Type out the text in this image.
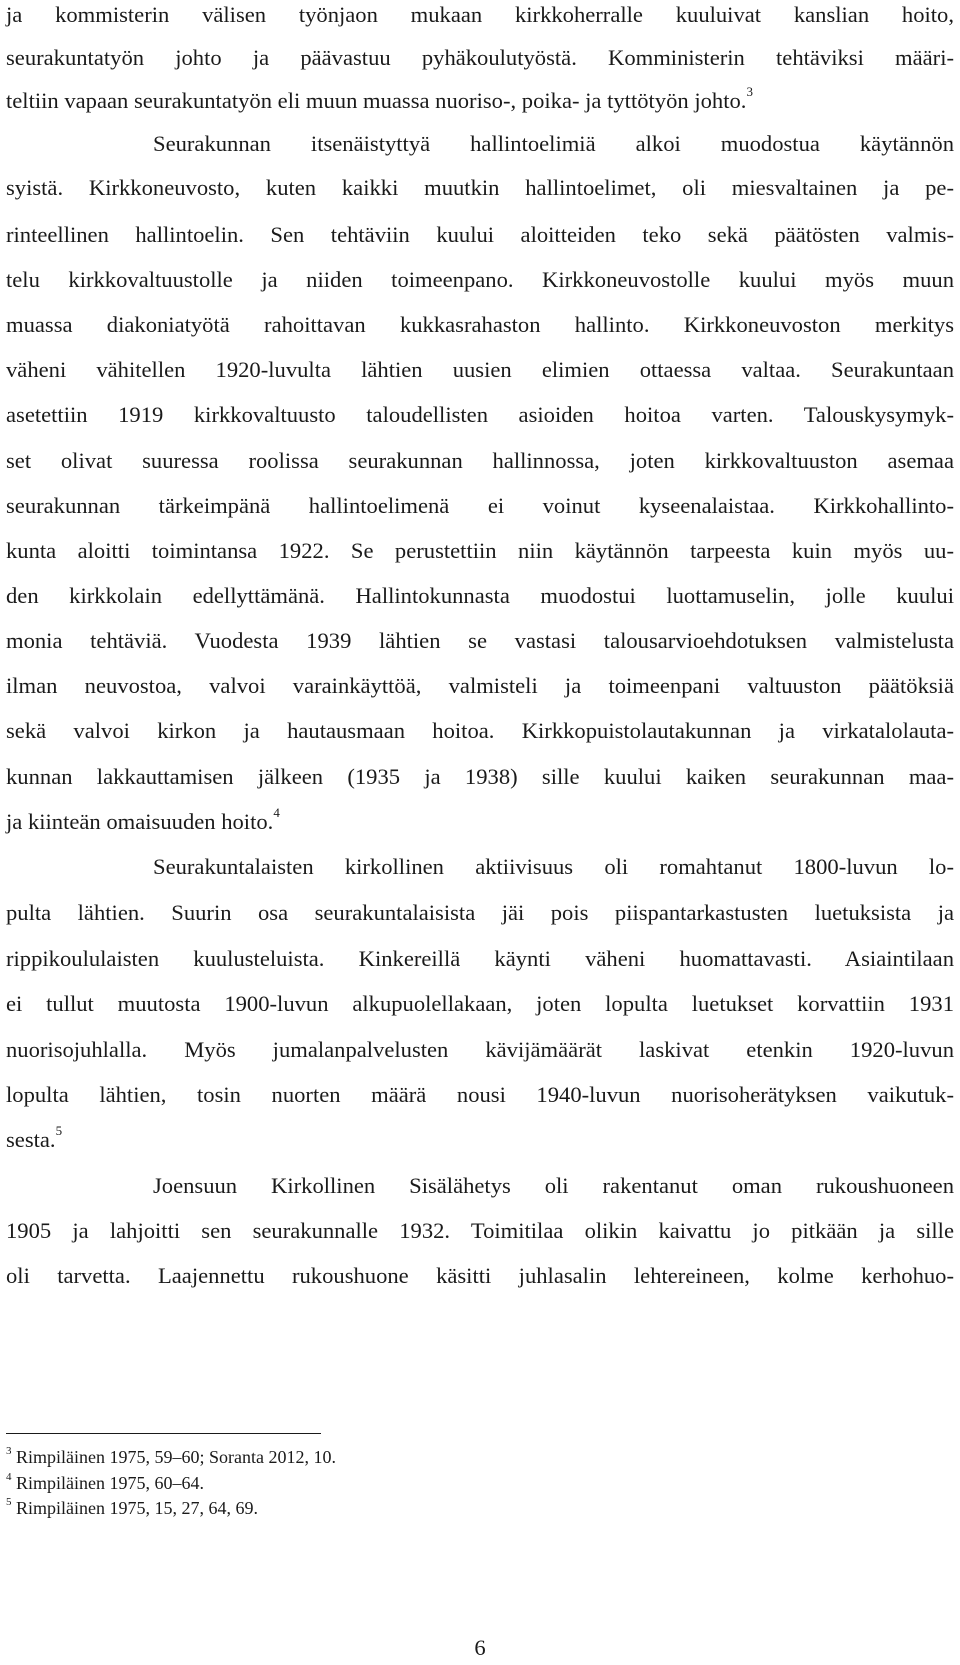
ja kommisterin välisen työnjaon mukaan kirkkoherralle kuuluivat kanslian hoito,
seurakuntatyön johto ja päävastuu pyhäkoulutyöstä. Komministerin tehtäviksi määri-
teltiin vapaan seurakuntatyön eli muun muassa nuoriso-, poika- ja tyttötyön johto.$^3$
Seurakunnan itsenäistyttyä hallintoelimiä alkoi muodostua käytännön
syistä. Kirkkoneuvosto, kuten kaikki muutkin hallintoelimet, oli miesvaltainen ja pe-
rinteellinen hallintoelin. Sen tehtäviin kuului aloitteiden teko sekä päätösten valmis-
telu kirkkovaltuustolle ja niiden toimeenpano. Kirkkoneuvostolle kuului myös muun
muassa diakoniatyötä rahoittavan kukkasrahaston hallinto. Kirkkoneuvoston merkitys
väheni vähitellen 1920-luvulta lähtien uusien elimien ottaessa valtaa. Seurakuntaan
asetettiin 1919 kirkkovaltuusto taloudellisten asioiden hoitoa varten. Talouskysymyk-
set olivat suuressa roolissa seurakunnan hallinnossa, joten kirkkovaltuuston asemaa
seurakunnan tärkeimpänä hallintoelimenä ei voinut kyseenalaistaa. Kirkkohallinto-
kunta aloitti toimintansa 1922. Se perustettiin niin käytännön tarpeesta kuin myös uu-
den kirkkolain edellyttämänä. Hallintokunnasta muodostui luottamuselin, jolle kuului
monia tehtäviä. Vuodesta 1939 lähtien se vastasi talousarvioehdotuksen valmistelusta
ilman neuvostoa, valvoi varainkäyttöä, valmisteli ja toimeenpani valtuuston päätöksiä
sekä valvoi kirkon ja hautausmaan hoitoa. Kirkkopuistolautakunnan ja virkatalolauta-
kunnan lakkauttamisen jälkeen (1935 ja 1938) sille kuului kaiken seurakunnan maa-
ja kiinteän omaisuuden hoito.$^4$
Seurakuntalaisten kirkollinen aktiivisuus oli romahtanut 1800-luvun lo-
pulta lähtien. Suurin osa seurakuntalaisista jäi pois piispantarkastusten luetuksista ja
rippikoululaisten kuulusteluista. Kinkereillä käynti väheni huomattavasti. Asiaintilaan
ei tullut muutosta 1900-luvun alkupuolellakaan, joten lopulta luetukset korvattiin 1931
nuorisojuhlalla. Myös jumalanpalvelusten kävijämäärät laskivat etenkin 1920-luvun
lopulta lähtien, tosin nuorten määrä nousi 1940-luvun nuorisoherätyksen vaikutuk-
sesta.$^5$
Joensuun Kirkollinen Sisälähetys oli rakentanut oman rukoushuoneen
1905 ja lahjoitti sen seurakunnalle 1932. Toimitilaa olikin kaivattu jo pitkään ja sille
oli tarvetta. Laajennettu rukoushuone käsitti juhlasalin lehtereineen, kolme kerhohuo-
$^3$ Rimpiläinen 1975, 59–60; Soranta 2012, 10.
$^4$ Rimpiläinen 1975, 60–64.
$^5$ Rimpiläinen 1975, 15, 27, 64, 69.
6
